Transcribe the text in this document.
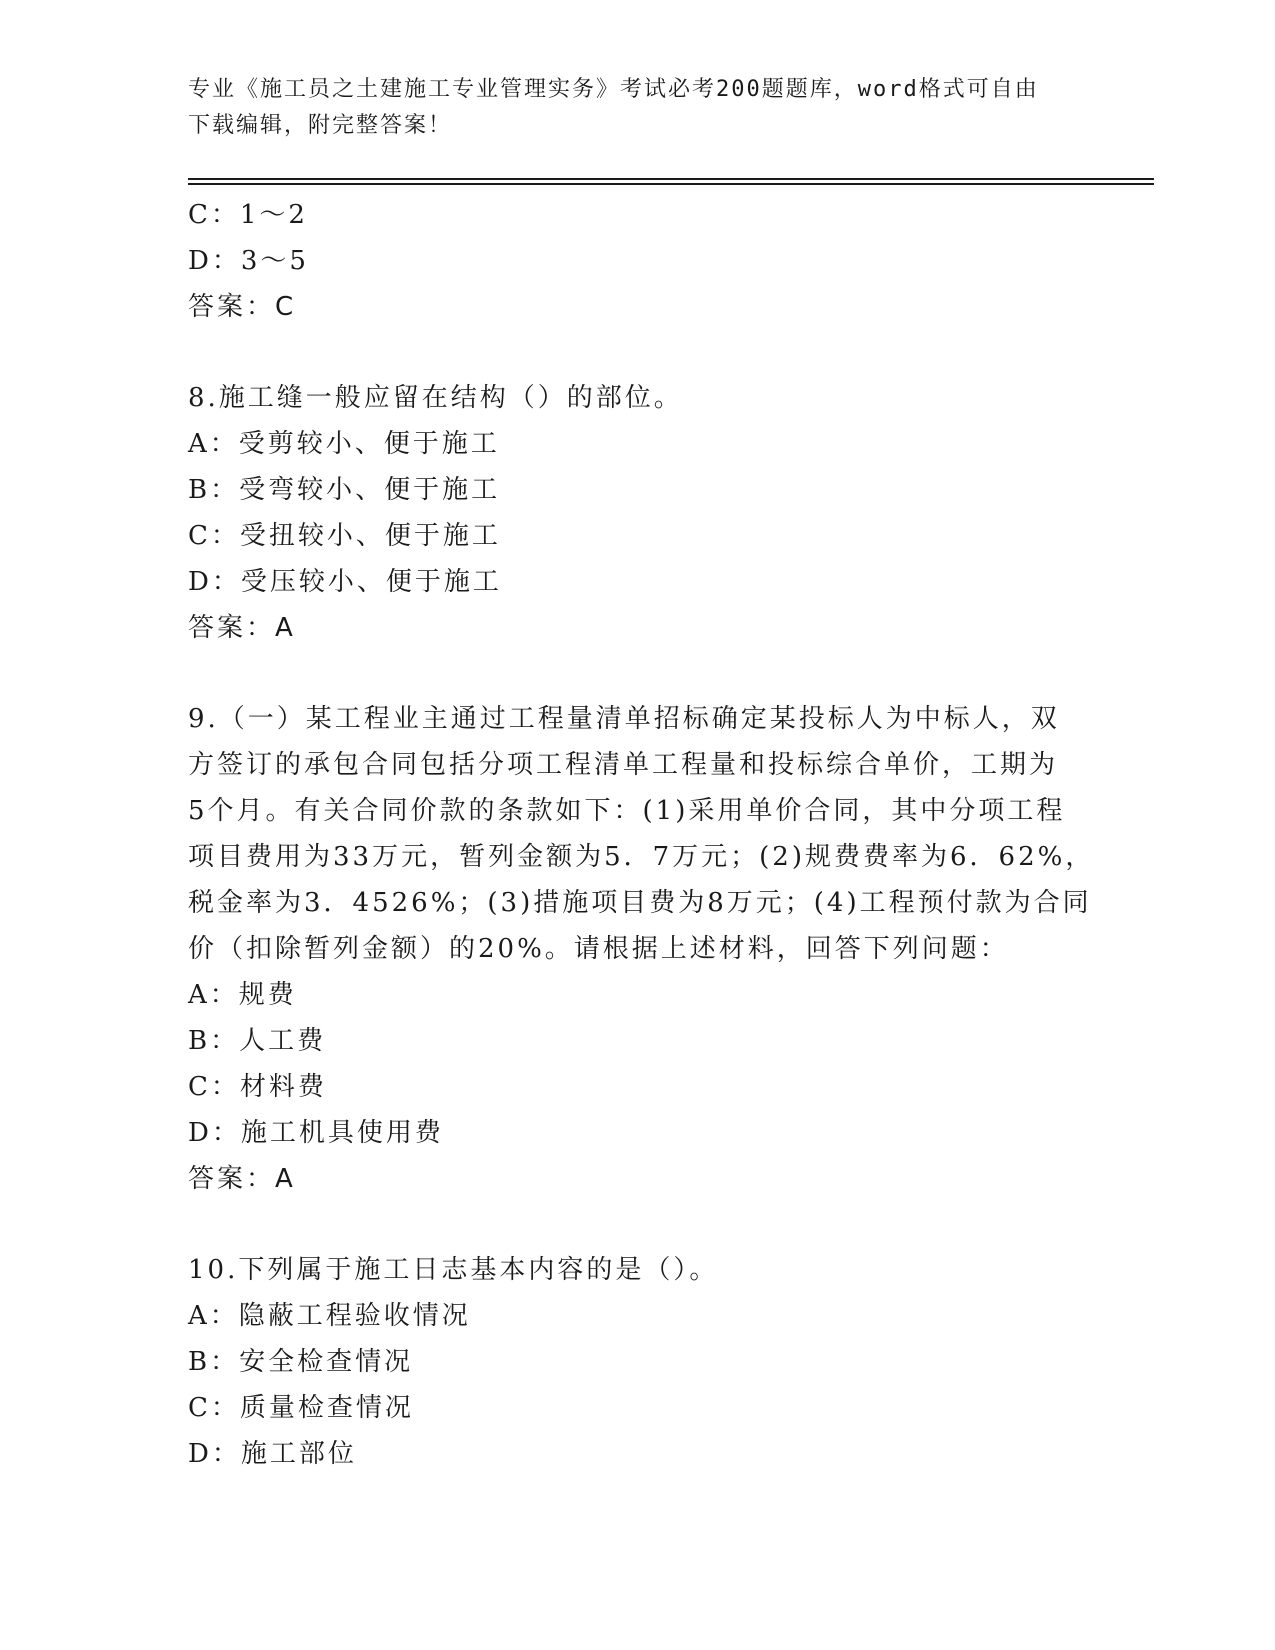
专业《施工员之土建施工专业管理实务》考试必考200题题库，word格式可自由
下载编辑，附完整答案！
C：1～2
D：3～5
答案：C
8.施工缝一般应留在结构（）的部位。
A：受剪较小、便于施工
B：受弯较小、便于施工
C：受扭较小、便于施工
D：受压较小、便于施工
答案：A
9.（一）某工程业主通过工程量清单招标确定某投标人为中标人，双
方签订的承包合同包括分项工程清单工程量和投标综合单价，工期为
5个月。有关合同价款的条款如下：(1)采用单价合同，其中分项工程
项目费用为33万元，暂列金额为5．7万元；(2)规费费率为6．62%，
税金率为3．4526%；(3)措施项目费为8万元；(4)工程预付款为合同
价（扣除暂列金额）的20%。请根据上述材料，回答下列问题：
A：规费
B：人工费
C：材料费
D：施工机具使用费
答案：A
10.下列属于施工日志基本内容的是（）。
A：隐蔽工程验收情况
B：安全检查情况
C：质量检查情况
D：施工部位
